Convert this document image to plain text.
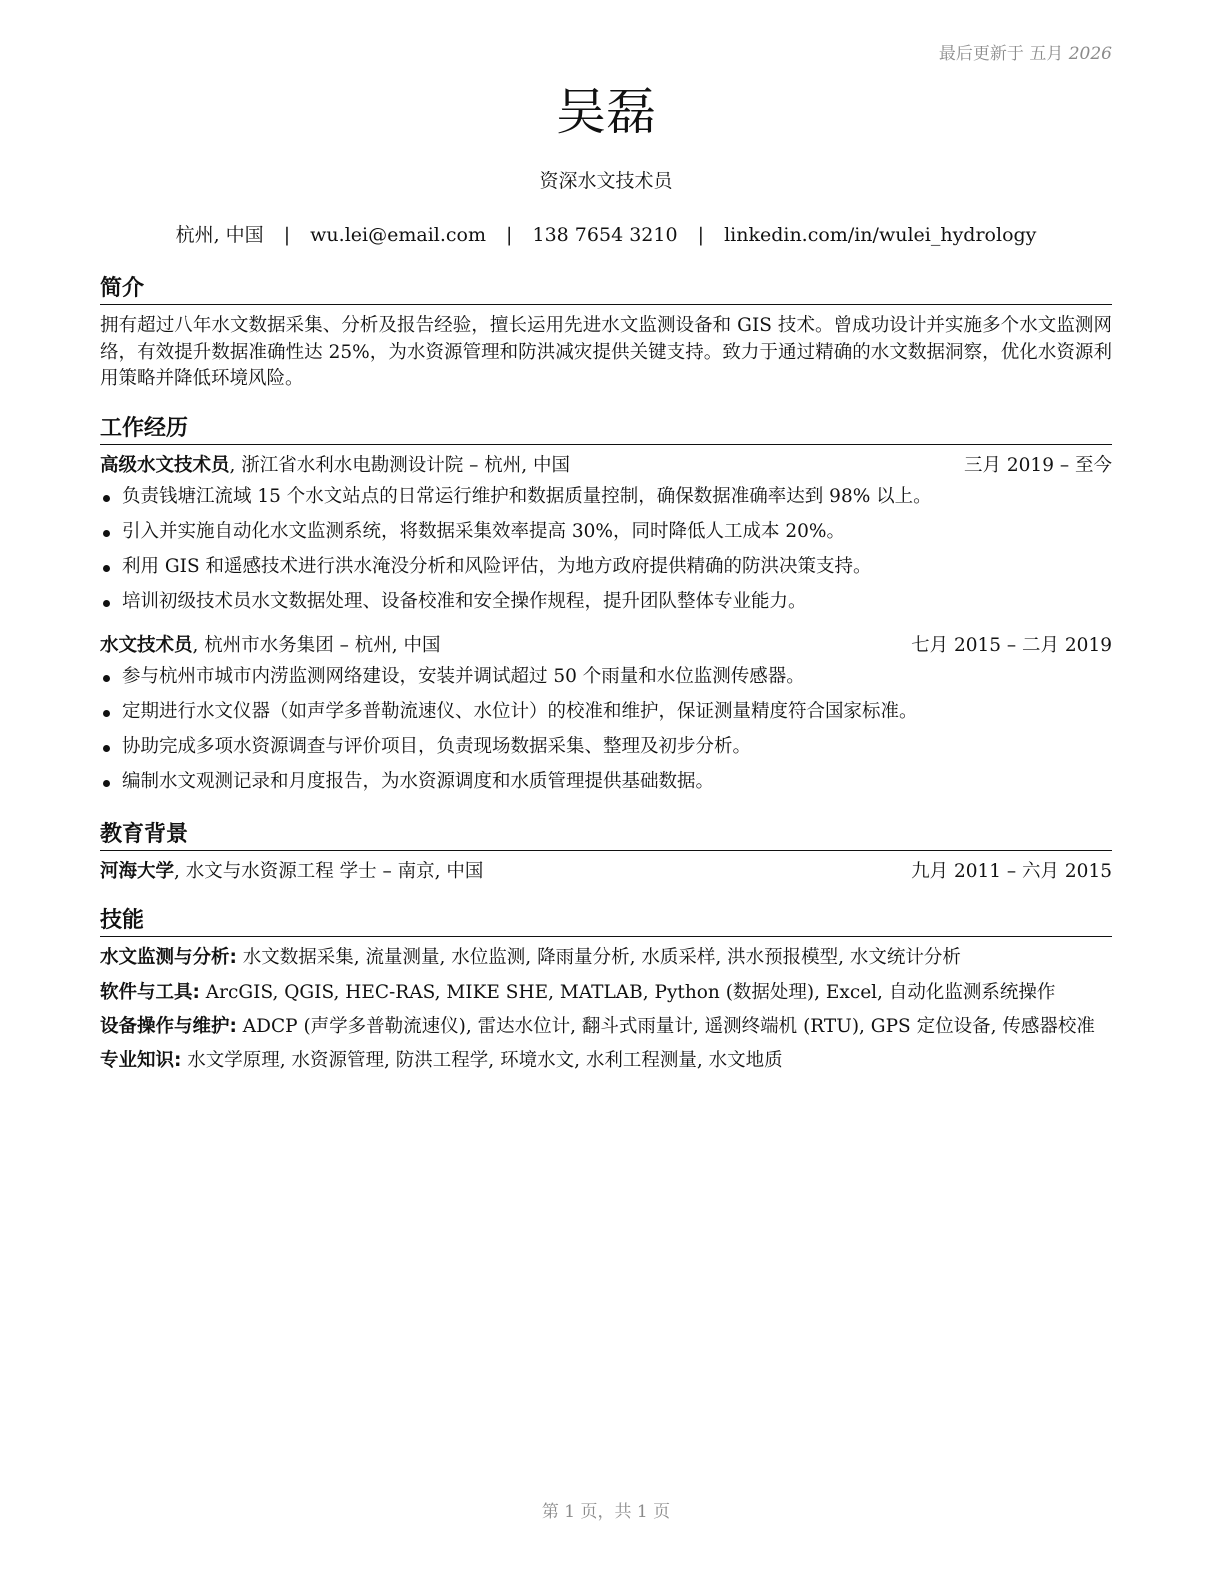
最后更新于 五月 2026
吴磊
资深水文技术员
杭州, 中国 | wu.lei@email.com | 138 7654 3210 | linkedin.com/in/wulei_hydrology
简介

拥有超过八年水文数据采集、分析及报告经验，擅长运用先进水文监测设备和 GIS 技术。曾成功设计并实施多个水文监测网络，有效提升数据准确性达 25%，为水资源管理和防洪减灾提供关键支持。致力于通过精确的水文数据洞察，优化水资源利用策略并降低环境风险。

工作经历
高级水文技术员, 浙江省水利水电勘测设计院 – 杭州, 中国	三月 2019 – 至今
负责钱塘江流域 15 个水文站点的日常运行维护和数据质量控制，确保数据准确率达到 98% 以上。
引入并实施自动化水文监测系统，将数据采集效率提高 30%，同时降低人工成本 20%。
利用 GIS 和遥感技术进行洪水淹没分析和风险评估，为地方政府提供精确的防洪决策支持。
培训初级技术员水文数据处理、设备校准和安全操作规程，提升团队整体专业能力。
水文技术员, 杭州市水务集团 – 杭州, 中国	七月 2015 – 二月 2019
参与杭州市城市内涝监测网络建设，安装并调试超过 50 个雨量和水位监测传感器。
定期进行水文仪器（如声学多普勒流速仪、水位计）的校准和维护，保证测量精度符合国家标准。
协助完成多项水资源调查与评价项目，负责现场数据采集、整理及初步分析。
编制水文观测记录和月度报告，为水资源调度和水质管理提供基础数据。
教育背景
河海大学, 水文与水资源工程 学士 – 南京, 中国	九月 2011 – 六月 2015
技能

水文监测与分析: 水文数据采集, 流量测量, 水位监测, 降雨量分析, 水质采样, 洪水预报模型, 水文统计分析

软件与工具: ArcGIS, QGIS, HEC-RAS, MIKE SHE, MATLAB, Python (数据处理), Excel, 自动化监测系统操作

设备操作与维护: ADCP (声学多普勒流速仪), 雷达水位计, 翻斗式雨量计, 遥测终端机 (RTU), GPS 定位设备, 传感器校准

专业知识: 水文学原理, 水资源管理, 防洪工程学, 环境水文, 水利工程测量, 水文地质

第 1 页，共 1 页
